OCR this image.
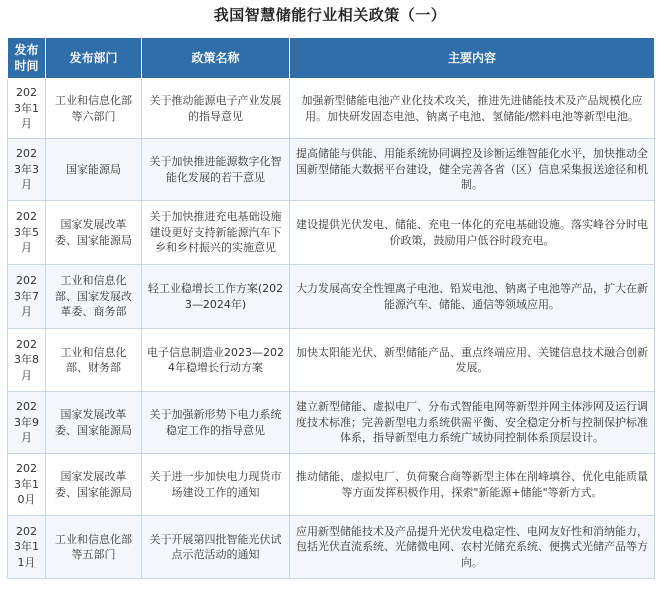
我国智慧储能行业相关政策（一）
发布时间	发布部门	政策名称	主要内容
2023年1月	工业和信息化部等六部门	关于推动能源电子产业发展的指导意见	加强新型储能电池产业化技术攻关，推进先进储能技术及产品规模化应用。加快研发固态电池、钠离子电池、氢储能/燃料电池等新型电池。
2023年3月	国家能源局	关于加快推进能源数字化智能化发展的若干意见	提高储能与供能、用能系统协同调控及诊断运维智能化水平，加快推动全国新型储能大数据平台建设，健全完善各省（区）信息采集报送途径和机制。
2023年5月	国家发展改革委、国家能源局	关于加快推进充电基础设施建设更好支持新能源汽车下乡和乡村振兴的实施意见	建设提供光伏发电、储能、充电一体化的充电基础设施。落实峰谷分时电价政策，鼓励用户低谷时段充电。
2023年7月	工业和信息化部、国家发展改革委、商务部	轻工业稳增长工作方案(2023—2024年)	大力发展高安全性锂离子电池、铅炭电池、钠离子电池等产品，扩大在新能源汽车、储能、通信等领域应用。
2023年8月	工业和信息化部、财务部	电子信息制造业2023—2024年稳增长行动方案	加快太阳能光伏、新型储能产品、重点终端应用、关键信息技术融合创新发展。
2023年9月	国家发展改革委、国家能源局	关于加强新形势下电力系统稳定工作的指导意见	建立新型储能、虚拟电厂、分布式智能电网等新型并网主体涉网及运行调度技术标准；完善新型电力系统供需平衡、安全稳定分析与控制保护标准体系，指导新型电力系统广域协同控制体系顶层设计。
2023年10月	国家发展改革委、国家能源局	关于进一步加快电力现货市场建设工作的通知	推动储能、虚拟电厂、负荷聚合商等新型主体在削峰填谷、优化电能质量等方面发挥积极作用，探索"新能源+储能"等新方式。
2023年11月	工业和信息化部等五部门	关于开展第四批智能光伏试点示范活动的通知	应用新型储能技术及产品提升光伏发电稳定性、电网友好性和消纳能力，包括光伏直流系统、光储微电网、农村光储充系统、便携式光储产品等方向。
